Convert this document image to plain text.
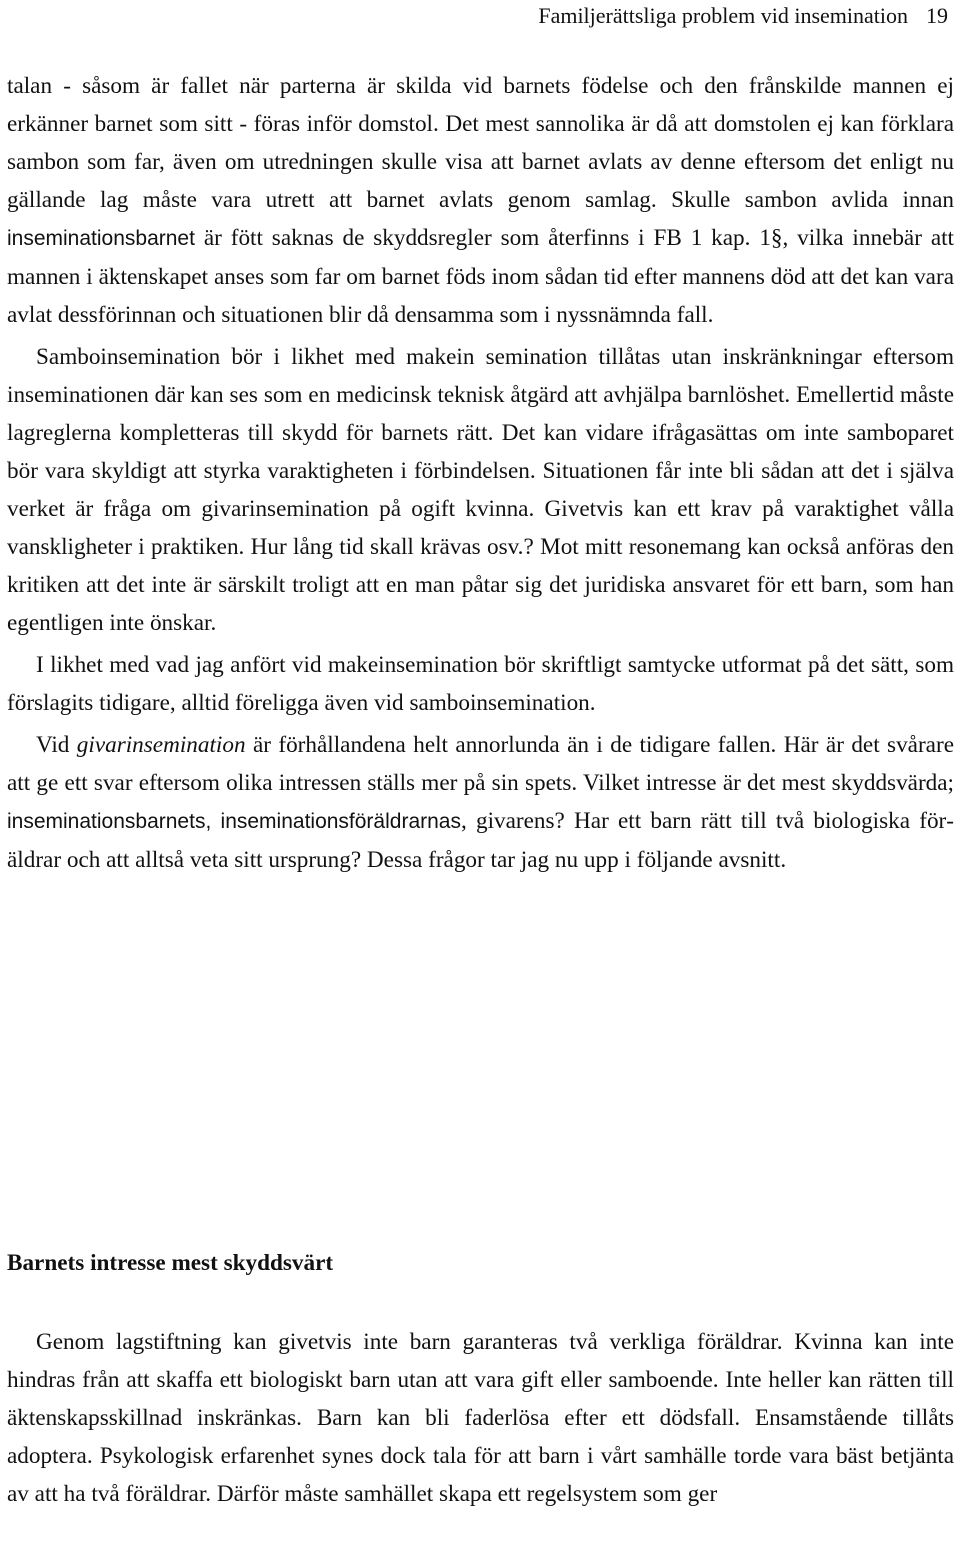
Familjerättsliga problem vid insemination 19

talan - såsom är fallet när parterna är skilda vid barnets födelse och den frånskilde mannen ej erkänner barnet som sitt - föras inför domstol. Det mest sannolika är då att domstolen ej kan förklara sambon som far, även om utredningen skulle visa att barnet avlats av denne eftersom det enligt nu gällande lag måste vara utrett att barnet avlats genom samlag. Skulle sambon avlida innan inseminationsbarnet är fött saknas de skyddsregler som återfinns i FB 1 kap. 1§, vilka innebär att mannen i äktenskapet anses som far om barnet föds inom sådan tid efter mannens död att det kan vara avlat dessförinnan och situationen blir då densamma som i nyssnämnda fall.

Samboinsemination bör i likhet med makein semination tillåtas utan inskränkningar eftersom inseminationen där kan ses som en medicinsk teknisk åtgärd att avhjälpa barnlöshet. Emellertid måste lagreglerna kompletteras till skydd för barnets rätt. Det kan vidare ifrågasättas om inte samboparet bör vara skyldigt att styrka varaktigheten i förbindelsen. Situationen får inte bli sådan att det i själva verket är fråga om givarinsemination på ogift kvinna. Givetvis kan ett krav på varaktighet vålla vanskligheter i praktiken. Hur lång tid skall krävas osv.? Mot mitt resonemang kan också anföras den kritiken att det inte är särskilt troligt att en man påtar sig det juridiska ansvaret för ett barn, som han egentligen inte önskar.

I likhet med vad jag anfört vid makeinsemination bör skriftligt samtycke utformat på det sätt, som förslagits tidigare, alltid föreligga även vid samboinsemination.

Vid givarinsemination är förhållandena helt annorlunda än i de tidigare fallen. Här är det svårare att ge ett svar eftersom olika intressen ställs mer på sin spets. Vilket intresse är det mest skyddsvärda; inseminationsbarnets, inseminationsföräldrarnas, givarens? Har ett barn rätt till två biologiska föräldrar och att alltså veta sitt ursprung? Dessa frågor tar jag nu upp i följande avsnitt.

Barnets intresse mest skyddsvärt

Genom lagstiftning kan givetvis inte barn garanteras två verkliga föräldrar. Kvinna kan inte hindras från att skaffa ett biologiskt barn utan att vara gift eller samboende. Inte heller kan rätten till äktenskapsskillnad inskränkas. Barn kan bli faderlösa efter ett dödsfall. Ensamstående tillåts adoptera. Psykologisk erfarenhet synes dock tala för att barn i vårt samhälle torde vara bäst betjänta av att ha två föräldrar. Därför måste samhället skapa ett regelsystem som ger
